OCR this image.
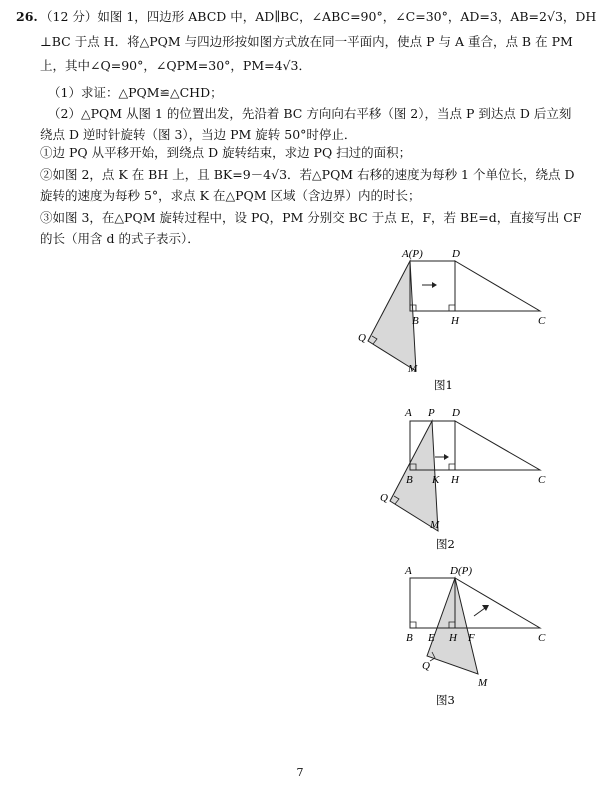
26. （12 分）如图 1，四边形 ABCD 中，AD∥BC，∠ABC=90°，∠C=30°，AD=3，AB=2√3，DH
⊥BC 于点 H．将△PQM 与四边形按如图方式放在同一平面内，使点 P 与 A 重合，点 B 在 PM
上，其中∠Q=90°，∠QPM=30°，PM=4√3．
（1）求证：△PQM≌△CHD；
（2）△PQM 从图 1 的位置出发，先沿着 BC 方向向右平移（图 2），当点 P 到达点 D 后立刻
绕点 D 逆时针旋转（图 3），当边 PM 旋转 50°时停止．
①边 PQ 从平移开始，到绕点 D 旋转结束，求边 PQ 扫过的面积；
②如图 2，点 K 在 BH 上，且 BK=9－4√3．若△PQM 右移的速度为每秒 1 个单位长，绕点 D
旋转的速度为每秒 5°，求点 K 在△PQM 区域（含边界）内的时长；
③如图 3，在△PQM 旋转过程中，设 PQ，PM 分别交 BC 于点 E，F，若 BE=d，直接写出 CF
的长（用含 d 的式子表示）．
A(P)	D
B	H	C
Q
M
图1
A P D
B K H	C
Q
M
图2
A	D(P)
B E H F	C
Q
M
图3
7
